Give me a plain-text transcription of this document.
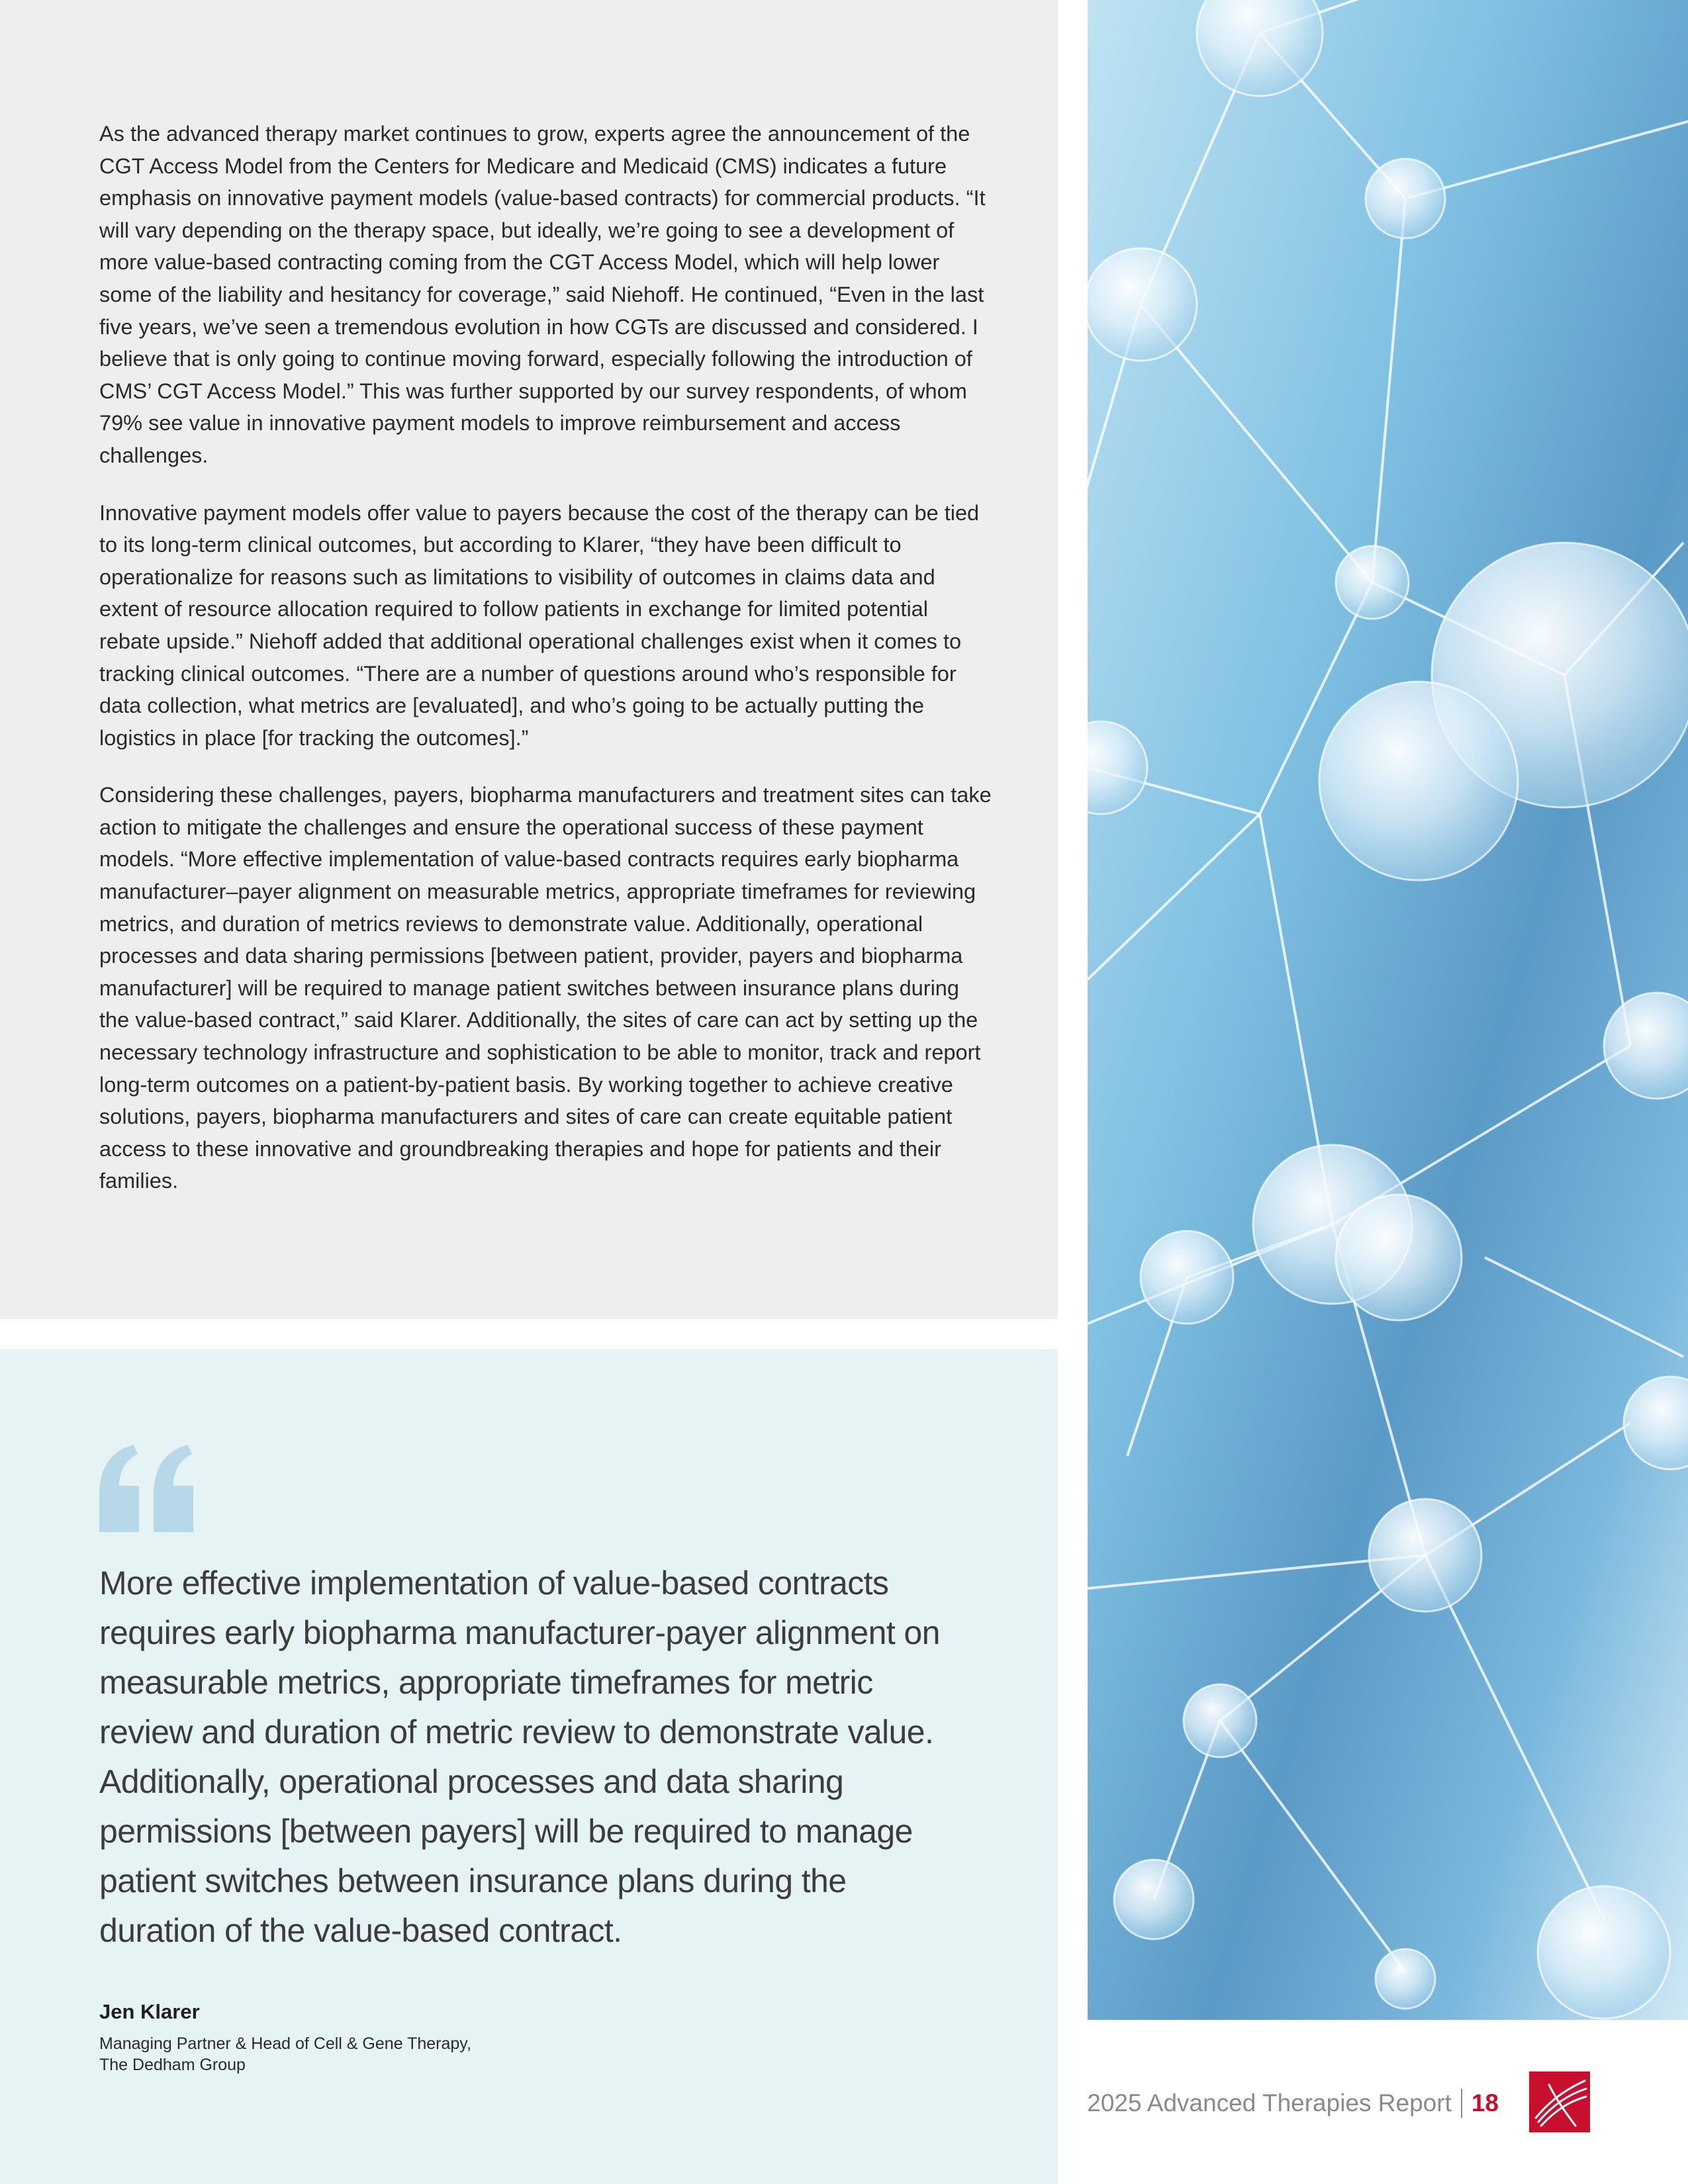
As the advanced therapy market continues to grow, experts agree the announcement of the CGT Access Model from the Centers for Medicare and Medicaid (CMS) indicates a future emphasis on innovative payment models (value-based contracts) for commercial products. “It will vary depending on the therapy space, but ideally, we’re going to see a development of more value-based contracting coming from the CGT Access Model, which will help lower some of the liability and hesitancy for coverage,” said Niehoff. He continued, “Even in the last five years, we’ve seen a tremendous evolution in how CGTs are discussed and considered. I believe that is only going to continue moving forward, especially following the introduction of CMS’ CGT Access Model.” This was further supported by our survey respondents, of whom 79% see value in innovative payment models to improve reimbursement and access challenges.

Innovative payment models offer value to payers because the cost of the therapy can be tied to its long-term clinical outcomes, but according to Klarer, “they have been difficult to operationalize for reasons such as limitations to visibility of outcomes in claims data and extent of resource allocation required to follow patients in exchange for limited potential rebate upside.” Niehoff added that additional operational challenges exist when it comes to tracking clinical outcomes. “There are a number of questions around who’s responsible for data collection, what metrics are [evaluated], and who’s going to be actually putting the logistics in place [for tracking the outcomes].”

Considering these challenges, payers, biopharma manufacturers and treatment sites can take action to mitigate the challenges and ensure the operational success of these payment models. “More effective implementation of value-based contracts requires early biopharma manufacturer–payer alignment on measurable metrics, appropriate timeframes for reviewing metrics, and duration of metrics reviews to demonstrate value. Additionally, operational processes and data sharing permissions [between patient, provider, payers and biopharma manufacturer] will be required to manage patient switches between insurance plans during the value-based contract,” said Klarer. Additionally, the sites of care can act by setting up the necessary technology infrastructure and sophistication to be able to monitor, track and report long-term outcomes on a patient-by-patient basis. By working together to achieve creative solutions, payers, biopharma manufacturers and sites of care can create equitable patient access to these innovative and groundbreaking therapies and hope for patients and their families.

More effective implementation of value-based contracts requires early biopharma manufacturer-payer alignment on measurable metrics, appropriate timeframes for metric review and duration of metric review to demonstrate value. Additionally, operational processes and data sharing permissions [between payers] will be required to manage patient switches between insurance plans during the duration of the value-based contract.
Jen Klarer
Managing Partner & Head of Cell & Gene Therapy,
The Dedham Group
2025 Advanced Therapies Report 18
